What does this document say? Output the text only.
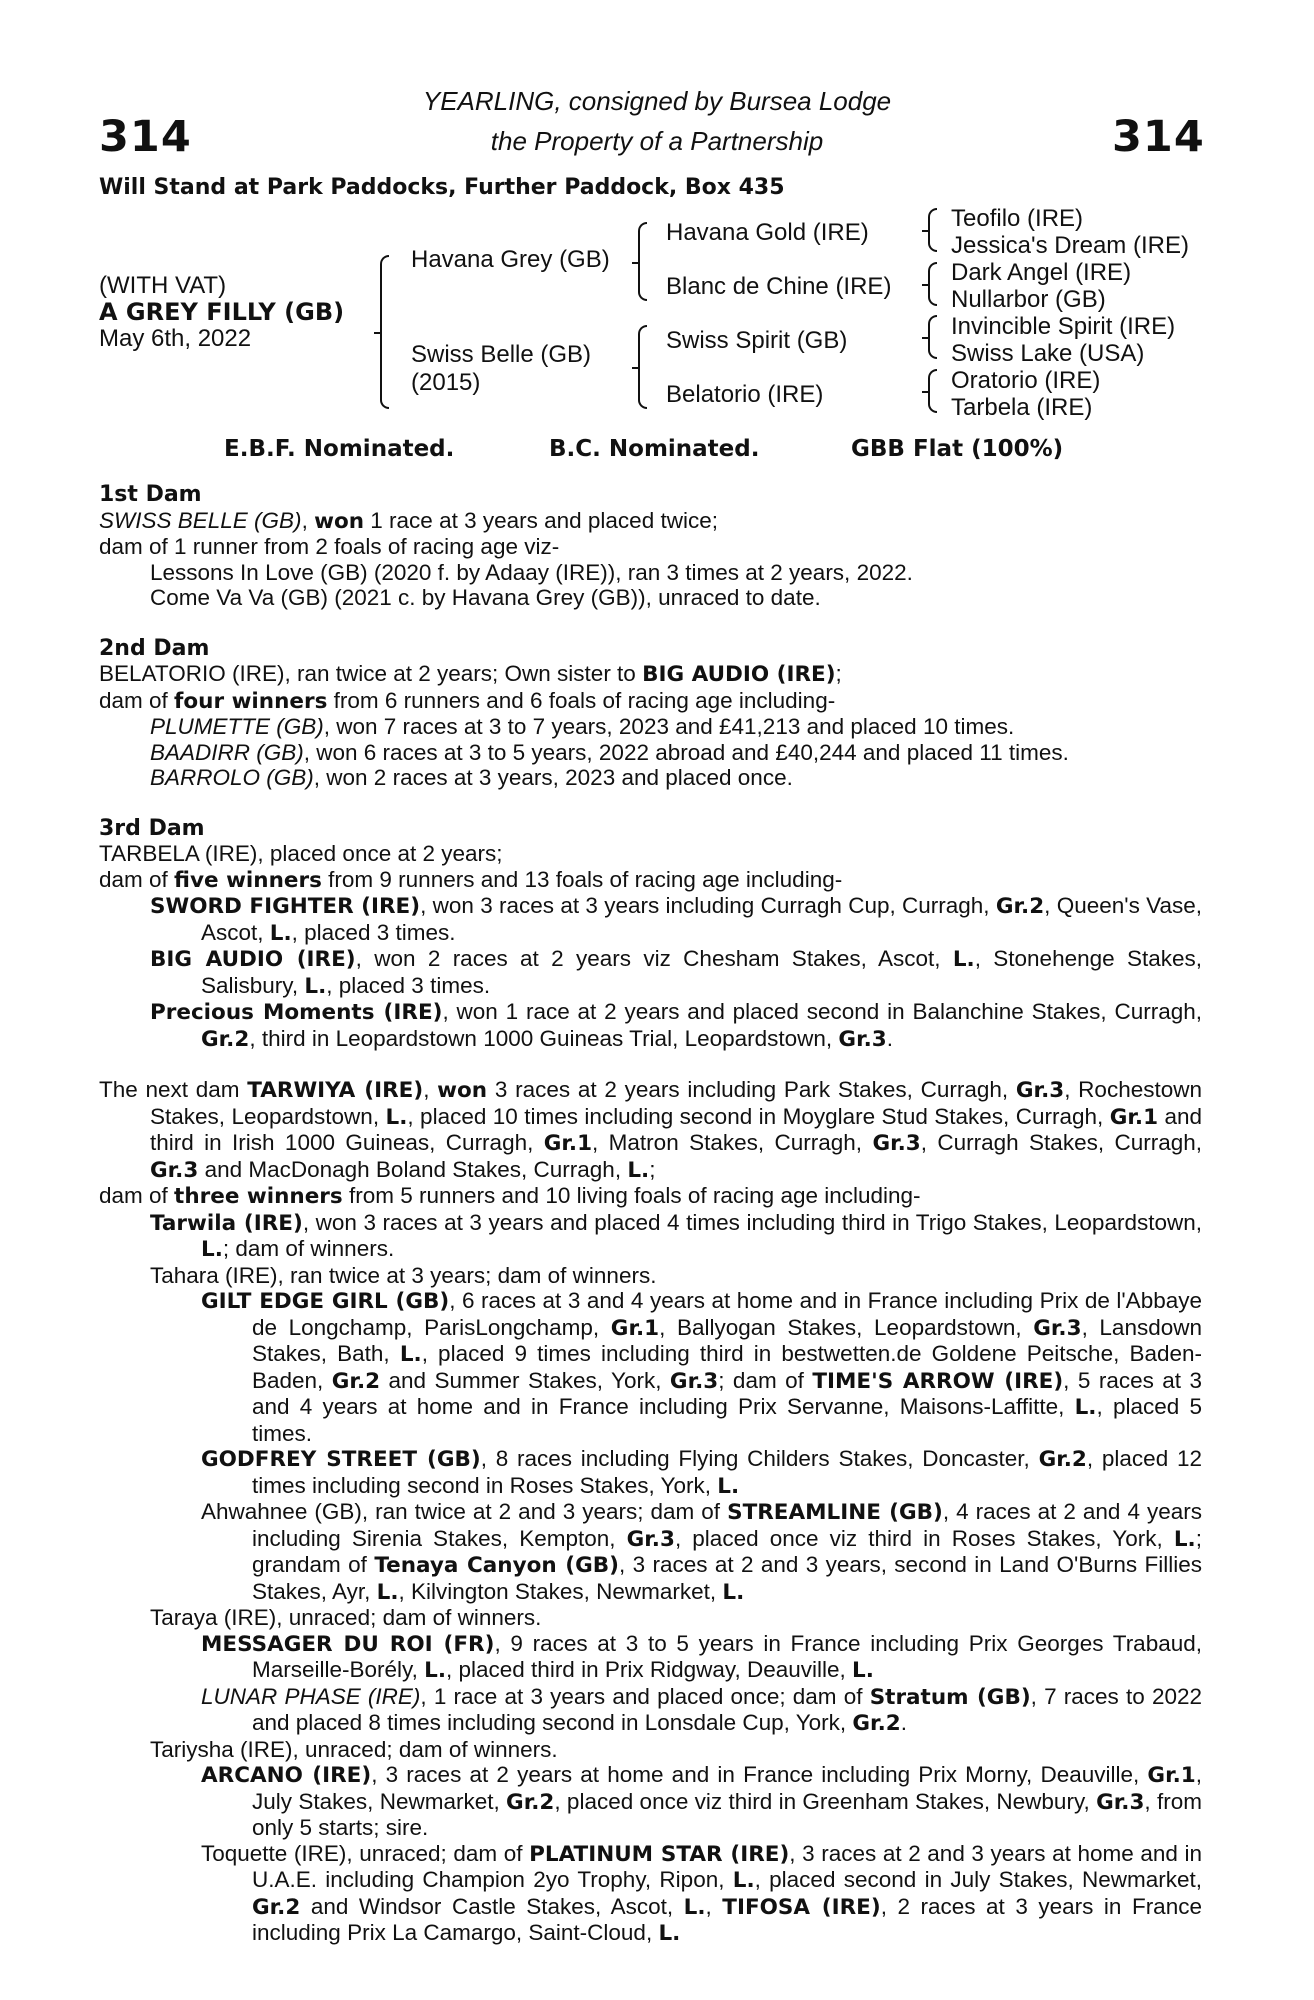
314	314
YEARLING, consigned by Bursea Lodge
the Property of a Partnership
Will Stand at Park Paddocks, Further Paddock, Box 435
(WITH VAT)
A GREY FILLY (GB)
May 6th, 2022
Havana Grey (GB)
Swiss Belle (GB)
(2015)
Havana Gold (IRE)
Blanc de Chine (IRE)
Swiss Spirit (GB)
Belatorio (IRE)
Teofilo (IRE)
Jessica's Dream (IRE)
Dark Angel (IRE)
Nullarbor (GB)
Invincible Spirit (IRE)
Swiss Lake (USA)
Oratorio (IRE)
Tarbela (IRE)
E.B.F. Nominated.	B.C. Nominated.	GBB Flat (100%)

1st Dam

SWISS BELLE (GB), won 1 race at 3 years and placed twice;

dam of 1 runner from 2 foals of racing age viz-

Lessons In Love (GB) (2020 f. by Adaay (IRE)), ran 3 times at 2 years, 2022.

Come Va Va (GB) (2021 c. by Havana Grey (GB)), unraced to date.

2nd Dam

BELATORIO (IRE), ran twice at 2 years; Own sister to BIG AUDIO (IRE);

dam of four winners from 6 runners and 6 foals of racing age including-

PLUMETTE (GB), won 7 races at 3 to 7 years, 2023 and £41,213 and placed 10 times.

BAADIRR (GB), won 6 races at 3 to 5 years, 2022 abroad and £40,244 and placed 11 times.

BARROLO (GB), won 2 races at 3 years, 2023 and placed once.

3rd Dam

TARBELA (IRE), placed once at 2 years;

dam of five winners from 9 runners and 13 foals of racing age including-

SWORD FIGHTER (IRE), won 3 races at 3 years including Curragh Cup, Curragh, Gr.2, Queen's Vase, Ascot, L., placed 3 times.

BIG AUDIO (IRE), won 2 races at 2 years viz Chesham Stakes, Ascot, L., Stonehenge Stakes, Salisbury, L., placed 3 times.

Precious Moments (IRE), won 1 race at 2 years and placed second in Balanchine Stakes, Curragh, Gr.2, third in Leopardstown 1000 Guineas Trial, Leopardstown, Gr.3.

The next dam TARWIYA (IRE), won 3 races at 2 years including Park Stakes, Curragh, Gr.3, Rochestown Stakes, Leopardstown, L., placed 10 times including second in Moyglare Stud Stakes, Curragh, Gr.1 and third in Irish 1000 Guineas, Curragh, Gr.1, Matron Stakes, Curragh, Gr.3, Curragh Stakes, Curragh, Gr.3 and MacDonagh Boland Stakes, Curragh, L.;

dam of three winners from 5 runners and 10 living foals of racing age including-

Tarwila (IRE), won 3 races at 3 years and placed 4 times including third in Trigo Stakes, Leopardstown, L.; dam of winners.

Tahara (IRE), ran twice at 3 years; dam of winners.

GILT EDGE GIRL (GB), 6 races at 3 and 4 years at home and in France including Prix de l'Abbaye de Longchamp, ParisLongchamp, Gr.1, Ballyogan Stakes, Leopardstown, Gr.3, Lansdown Stakes, Bath, L., placed 9 times including third in bestwetten.de Goldene Peitsche, Baden-Baden, Gr.2 and Summer Stakes, York, Gr.3; dam of TIME'S ARROW (IRE), 5 races at 3 and 4 years at home and in France including Prix Servanne, Maisons-Laffitte, L., placed 5 times.

GODFREY STREET (GB), 8 races including Flying Childers Stakes, Doncaster, Gr.2, placed 12 times including second in Roses Stakes, York, L.

Ahwahnee (GB), ran twice at 2 and 3 years; dam of STREAMLINE (GB), 4 races at 2 and 4 years including Sirenia Stakes, Kempton, Gr.3, placed once viz third in Roses Stakes, York, L.; grandam of Tenaya Canyon (GB), 3 races at 2 and 3 years, second in Land O'Burns Fillies Stakes, Ayr, L., Kilvington Stakes, Newmarket, L.

Taraya (IRE), unraced; dam of winners.

MESSAGER DU ROI (FR), 9 races at 3 to 5 years in France including Prix Georges Trabaud, Marseille-Borély, L., placed third in Prix Ridgway, Deauville, L.

LUNAR PHASE (IRE), 1 race at 3 years and placed once; dam of Stratum (GB), 7 races to 2022 and placed 8 times including second in Lonsdale Cup, York, Gr.2.

Tariysha (IRE), unraced; dam of winners.

ARCANO (IRE), 3 races at 2 years at home and in France including Prix Morny, Deauville, Gr.1, July Stakes, Newmarket, Gr.2, placed once viz third in Greenham Stakes, Newbury, Gr.3, from only 5 starts; sire.

Toquette (IRE), unraced; dam of PLATINUM STAR (IRE), 3 races at 2 and 3 years at home and in U.A.E. including Champion 2yo Trophy, Ripon, L., placed second in July Stakes, Newmarket, Gr.2 and Windsor Castle Stakes, Ascot, L., TIFOSA (IRE), 2 races at 3 years in France including Prix La Camargo, Saint-Cloud, L.
